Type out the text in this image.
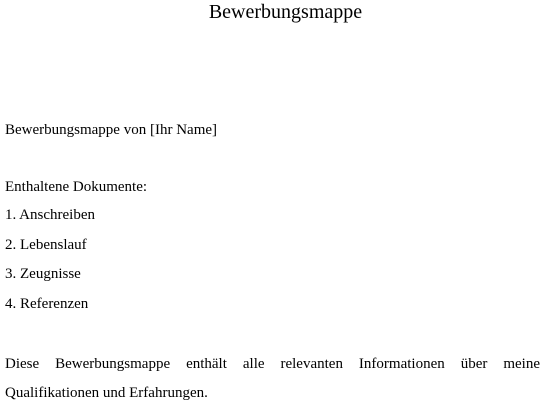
Bewerbungsmappe
Bewerbungsmappe von [Ihr Name]
Enthaltene Dokumente:
1. Anschreiben
2. Lebenslauf
3. Zeugnisse
4. Referenzen
Diese Bewerbungsmappe enthält alle relevanten Informationen über meine Qualifikationen und Erfahrungen.
